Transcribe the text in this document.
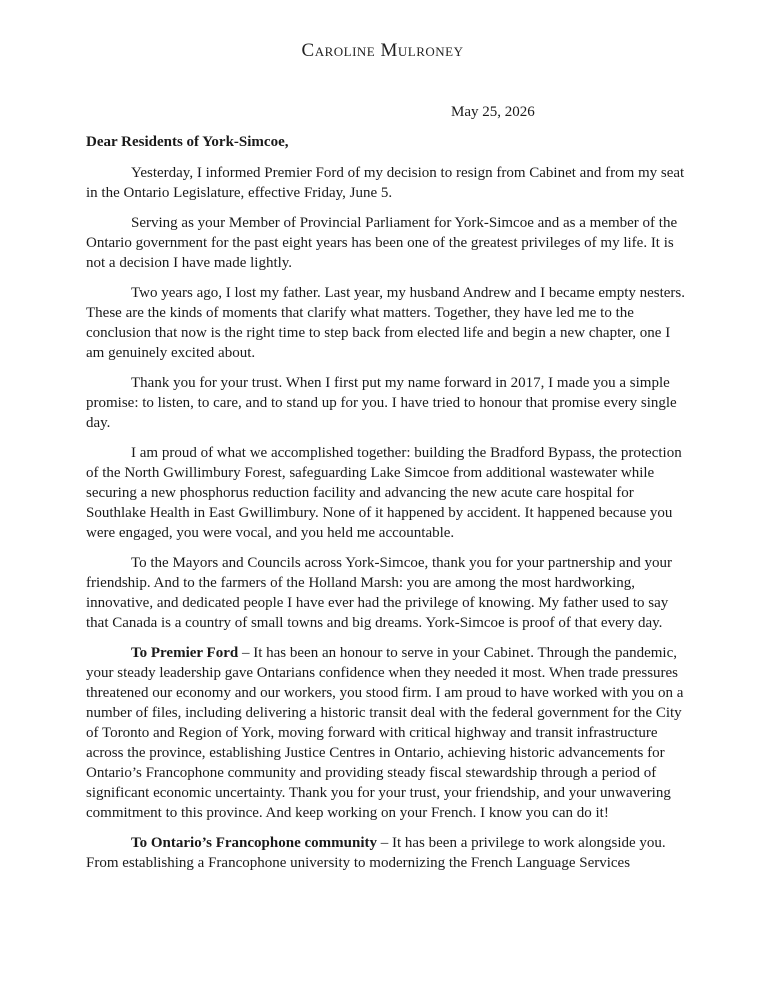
Caroline Mulroney
May 25, 2026
Dear Residents of York-Simcoe,

Yesterday, I informed Premier Ford of my decision to resign from Cabinet and from my seat in the Ontario Legislature, effective Friday, June 5.

Serving as your Member of Provincial Parliament for York-Simcoe and as a member of the Ontario government for the past eight years has been one of the greatest privileges of my life. It is not a decision I have made lightly.

Two years ago, I lost my father. Last year, my husband Andrew and I became empty nesters. These are the kinds of moments that clarify what matters. Together, they have led me to the conclusion that now is the right time to step back from elected life and begin a new chapter, one I am genuinely excited about.

Thank you for your trust. When I first put my name forward in 2017, I made you a simple promise: to listen, to care, and to stand up for you. I have tried to honour that promise every single day.

I am proud of what we accomplished together: building the Bradford Bypass, the protection of the North Gwillimbury Forest, safeguarding Lake Simcoe from additional wastewater while securing a new phosphorus reduction facility and advancing the new acute care hospital for Southlake Health in East Gwillimbury. None of it happened by accident. It happened because you were engaged, you were vocal, and you held me accountable.

To the Mayors and Councils across York-Simcoe, thank you for your partnership and your friendship. And to the farmers of the Holland Marsh: you are among the most hardworking, innovative, and dedicated people I have ever had the privilege of knowing. My father used to say that Canada is a country of small towns and big dreams. York-Simcoe is proof of that every day.

To Premier Ford – It has been an honour to serve in your Cabinet. Through the pandemic, your steady leadership gave Ontarians confidence when they needed it most. When trade pressures threatened our economy and our workers, you stood firm. I am proud to have worked with you on a number of files, including delivering a historic transit deal with the federal government for the City of Toronto and Region of York, moving forward with critical highway and transit infrastructure across the province, establishing Justice Centres in Ontario, achieving historic advancements for Ontario’s Francophone community and providing steady fiscal stewardship through a period of significant economic uncertainty. Thank you for your trust, your friendship, and your unwavering commitment to this province. And keep working on your French. I know you can do it!

To Ontario’s Francophone community – It has been a privilege to work alongside you. From establishing a Francophone university to modernizing the French Language Services
